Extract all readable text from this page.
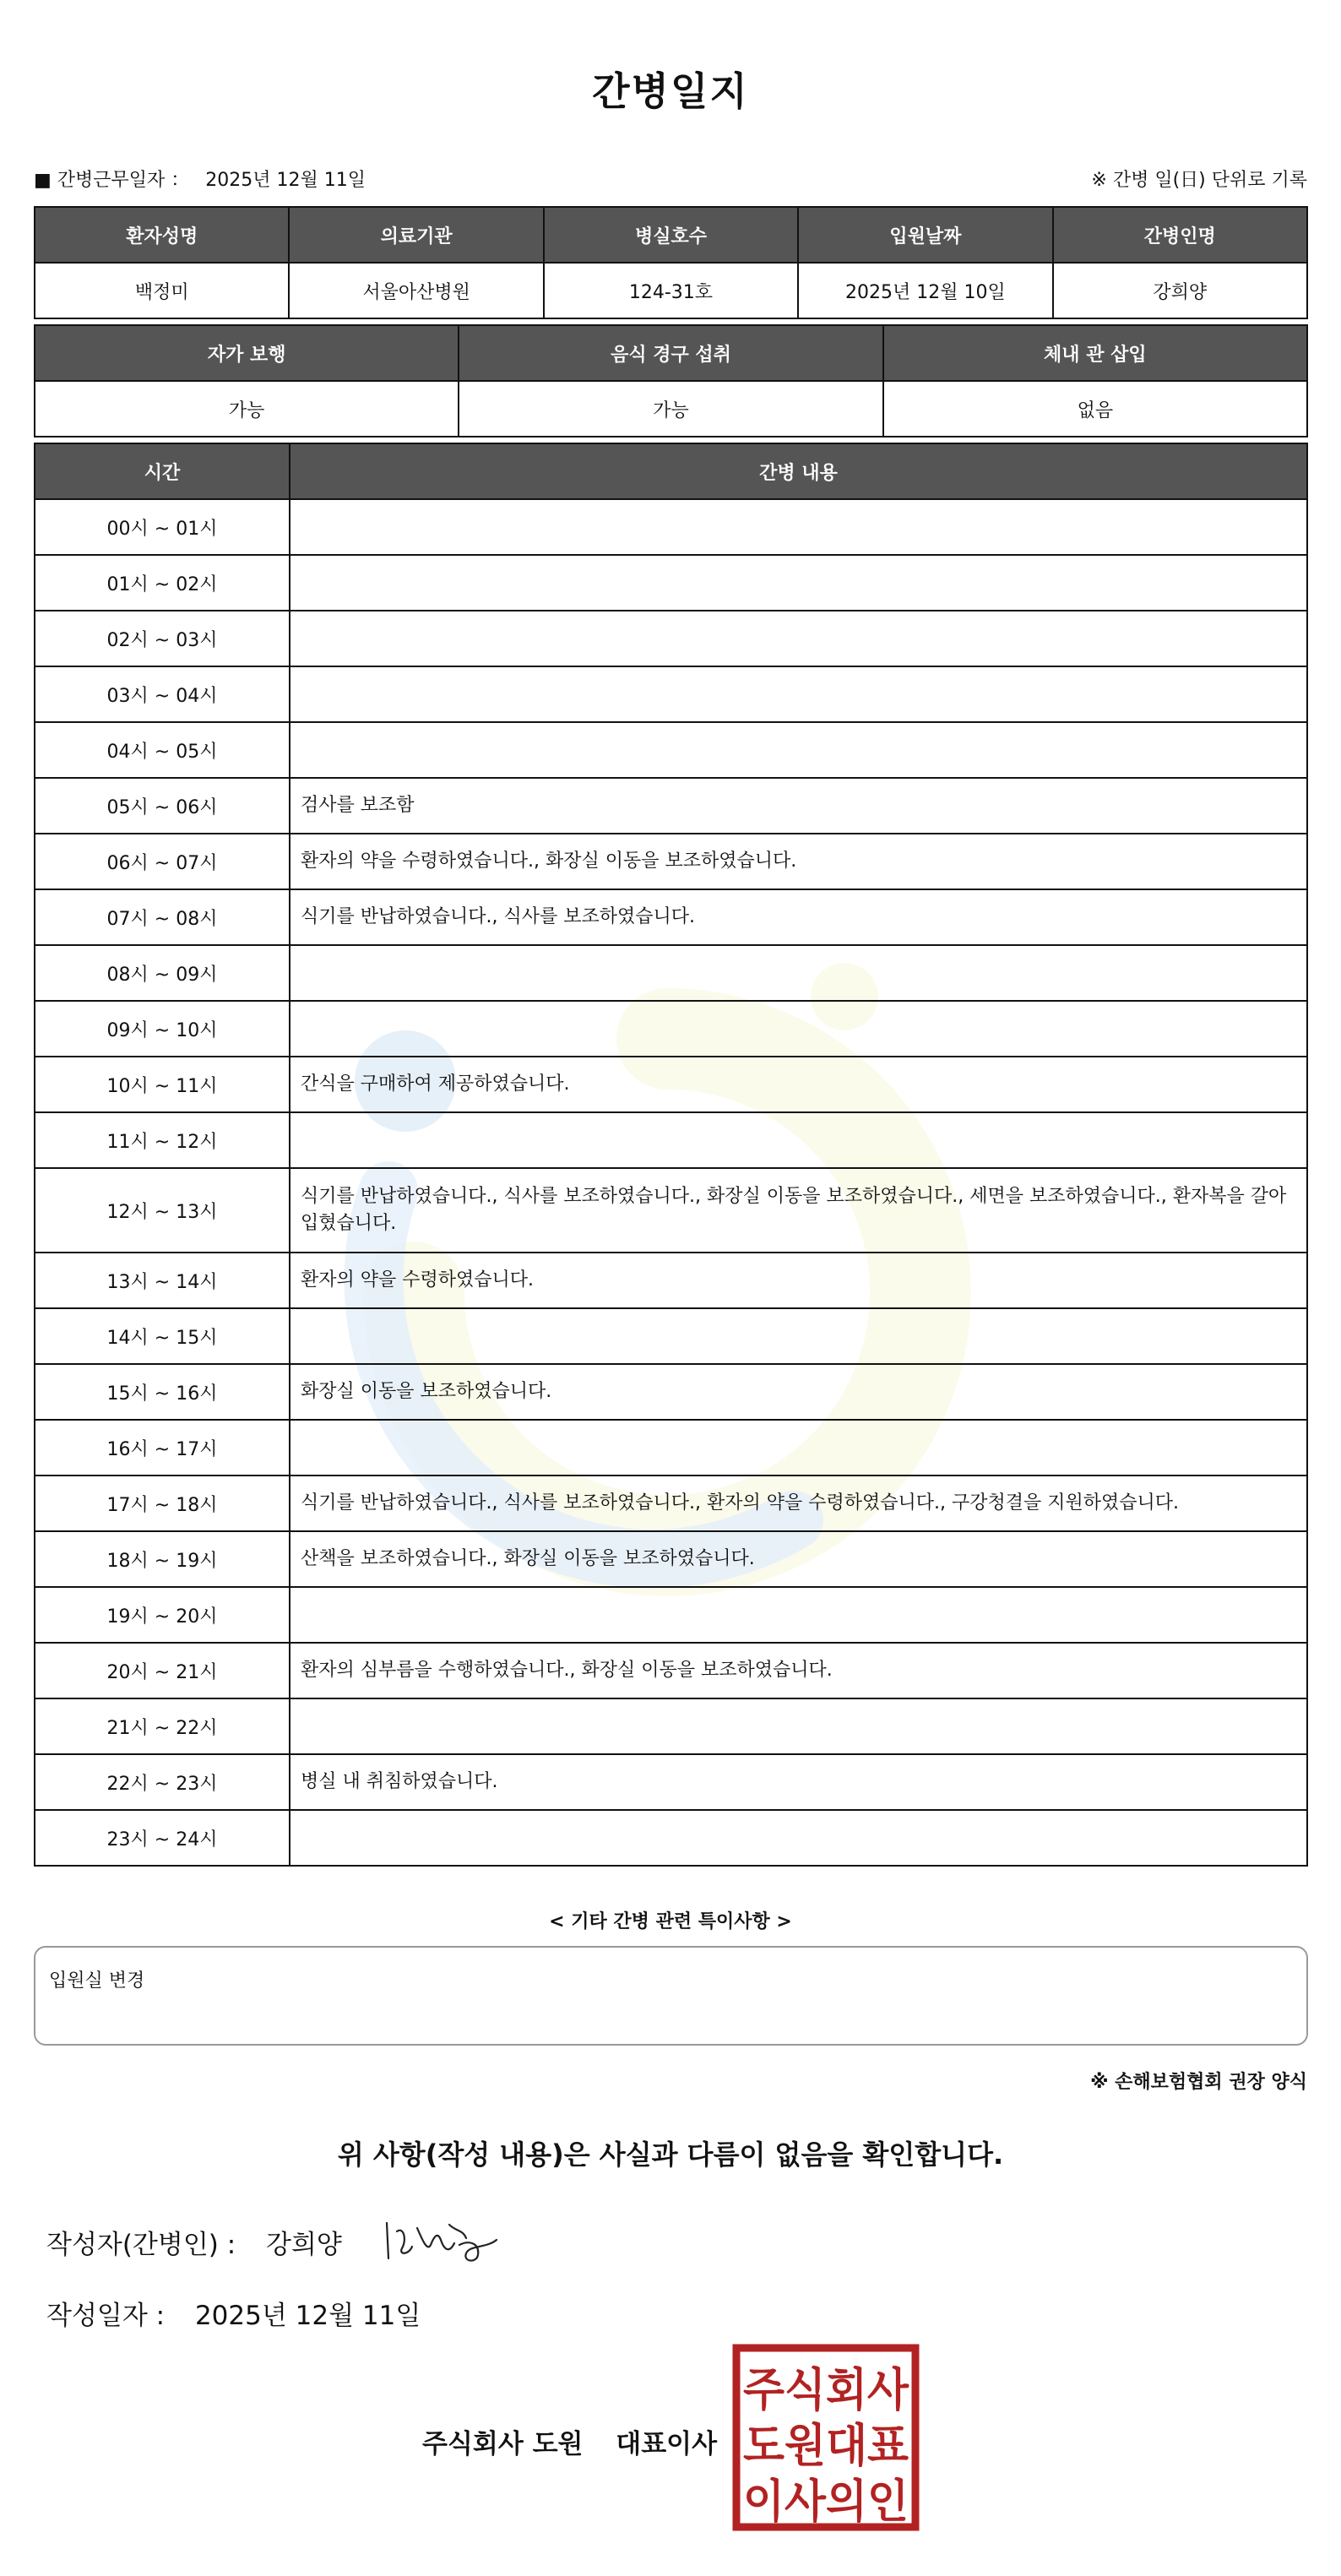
간병일지
■ 간병근무일자 ： 2025년 12월 11일	※ 간병 일(日) 단위로 기록
환자성명	의료기관	병실호수	입원날짜	간병인명
백정미	서울아산병원	124-31호	2025년 12월 10일	강희양
자가 보행	음식 경구 섭취	체내 관 삽입
가능	가능	없음
시간	간병 내용
00시 ~ 01시	
01시 ~ 02시	
02시 ~ 03시	
03시 ~ 04시	
04시 ~ 05시	
05시 ~ 06시	검사를 보조함
06시 ~ 07시	환자의 약을 수령하였습니다., 화장실 이동을 보조하였습니다.
07시 ~ 08시	식기를 반납하였습니다., 식사를 보조하였습니다.
08시 ~ 09시	
09시 ~ 10시	
10시 ~ 11시	간식을 구매하여 제공하였습니다.
11시 ~ 12시	
12시 ~ 13시	식기를 반납하였습니다., 식사를 보조하였습니다., 화장실 이동을 보조하였습니다., 세면을 보조하였습니다., 환자복을 갈아입혔습니다.
13시 ~ 14시	환자의 약을 수령하였습니다.
14시 ~ 15시	
15시 ~ 16시	화장실 이동을 보조하였습니다.
16시 ~ 17시	
17시 ~ 18시	식기를 반납하였습니다., 식사를 보조하였습니다., 환자의 약을 수령하였습니다., 구강청결을 지원하였습니다.
18시 ~ 19시	산책을 보조하였습니다., 화장실 이동을 보조하였습니다.
19시 ~ 20시	
20시 ~ 21시	환자의 심부름을 수행하였습니다., 화장실 이동을 보조하였습니다.
21시 ~ 22시	
22시 ~ 23시	병실 내 취침하였습니다.
23시 ~ 24시	
< 기타 간병 관련 특이사항 >
입원실 변경
※ 손해보험협회 권장 양식
위 사항(작성 내용)은 사실과 다름이 없음을 확인합니다.
작성자(간병인) : 강희양
작성일자 : 2025년 12월 11일
주식회사 도원 대표이사
주식회사
도원대표
이사의인
